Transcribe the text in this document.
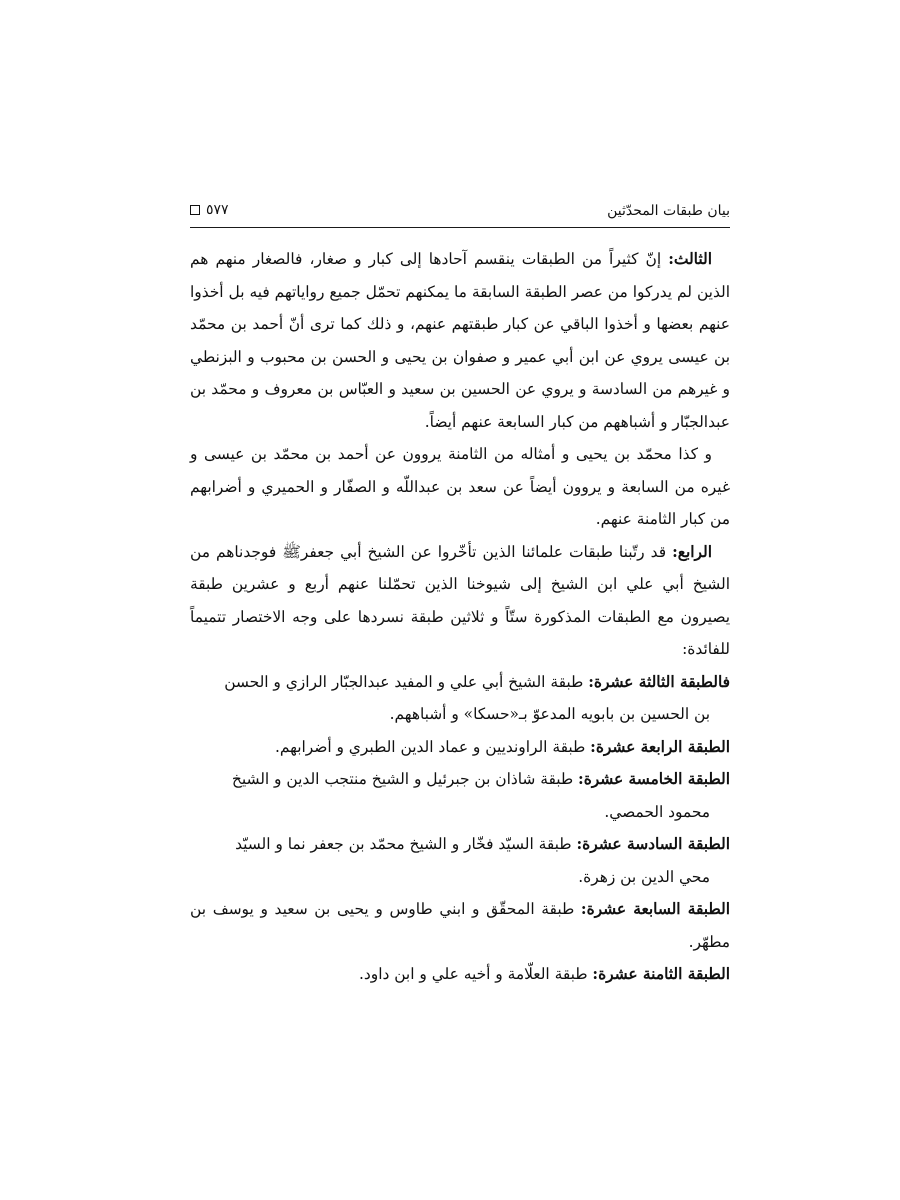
بيان طبقات المحدّثين
٥٧٧

الثالث: إنّ كثيراً من الطبقات ينقسم آحادها إلى كبار و صغار، فالصغار منهم هم الذين لم يدركوا من عصر الطبقة السابقة ما يمكنهم تحمّل جميع رواياتهم فيه بل أخذوا عنهم بعضها و أخذوا الباقي عن كبار طبقتهم عنهم، و ذلك كما ترى أنّ أحمد بن محمّد بن عيسى يروي عن ابن أبي عمير و صفوان بن يحيى و الحسن بن محبوب و البزنطي و غيرهم من السادسة و يروي عن الحسين بن سعيد و العبّاس بن معروف و محمّد بن عبدالجبّار و أشباههم من كبار السابعة عنهم أيضاً.

و كذا محمّد بن يحيى و أمثاله من الثامنة يروون عن أحمد بن محمّد بن عيسى و غيره من السابعة و يروون أيضاً عن سعد بن عبداللّه و الصفّار و الحميري و أضرابهم من كبار الثامنة عنهم.

الرابع: قد رتّبنا طبقات علمائنا الذين تأخّروا عن الشيخ أبي جعفرﷺ فوجدناهم من الشيخ أبي علي ابن الشيخ إلى شيوخنا الذين تحمّلنا عنهم أربع و عشرين طبقة يصيرون مع الطبقات المذكورة ستّاً و ثلاثين طبقة نسردها على وجه الاختصار تتميماً للفائدة:

فالطبقة الثالثة عشرة: طبقة الشيخ أبي علي و المفيد عبدالجبّار الرازي و الحسن
بن الحسين بن بابويه المدعوّ بـ«حسكا» و أشباههم.

الطبقة الرابعة عشرة: طبقة الراونديين و عماد الدين الطبري و أضرابهم.

الطبقة الخامسة عشرة: طبقة شاذان بن جبرئيل و الشيخ منتجب الدين و الشيخ
محمود الحمصي.

الطبقة السادسة عشرة: طبقة السيّد فخّار و الشيخ محمّد بن جعفر نما و السيّد
محي الدين بن زهرة.

الطبقة السابعة عشرة: طبقة المحقّق و ابني طاوس و يحيى بن سعيد و يوسف بن مطهّر.

الطبقة الثامنة عشرة: طبقة العلّامة و أخيه علي و ابن داود.
